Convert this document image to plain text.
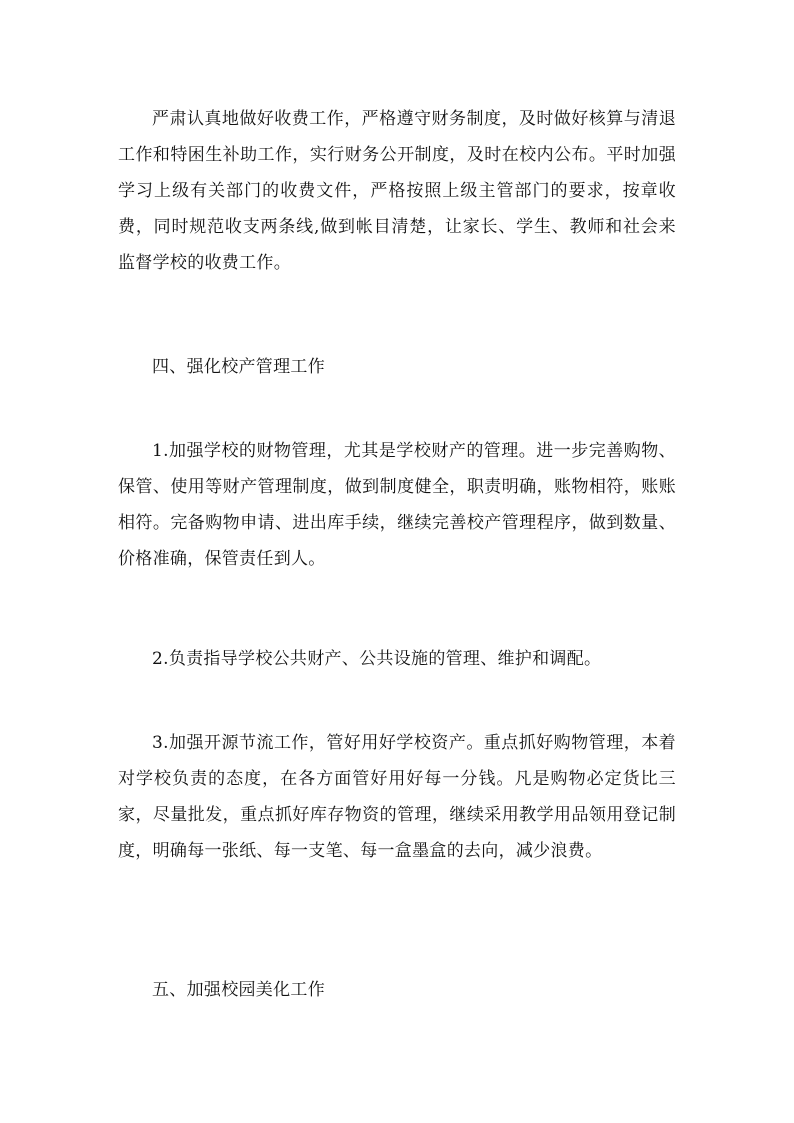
严肃认真地做好收费工作，严格遵守财务制度，及时做好核算与清退工作和特困生补助工作，实行财务公开制度，及时在校内公布。平时加强学习上级有关部门的收费文件，严格按照上级主管部门的要求，按章收费，同时规范收支两条线,做到帐目清楚，让家长、学生、教师和社会来监督学校的收费工作。

四、强化校产管理工作

1.加强学校的财物管理，尤其是学校财产的管理。进一步完善购物、保管、使用等财产管理制度，做到制度健全，职责明确，账物相符，账账相符。完备购物申请、进出库手续，继续完善校产管理程序，做到数量、价格准确，保管责任到人。

2.负责指导学校公共财产、公共设施的管理、维护和调配。

3.加强开源节流工作，管好用好学校资产。重点抓好购物管理，本着对学校负责的态度，在各方面管好用好每一分钱。凡是购物必定货比三家，尽量批发，重点抓好库存物资的管理，继续采用教学用品领用登记制度，明确每一张纸、每一支笔、每一盒墨盒的去向，减少浪费。

五、加强校园美化工作
